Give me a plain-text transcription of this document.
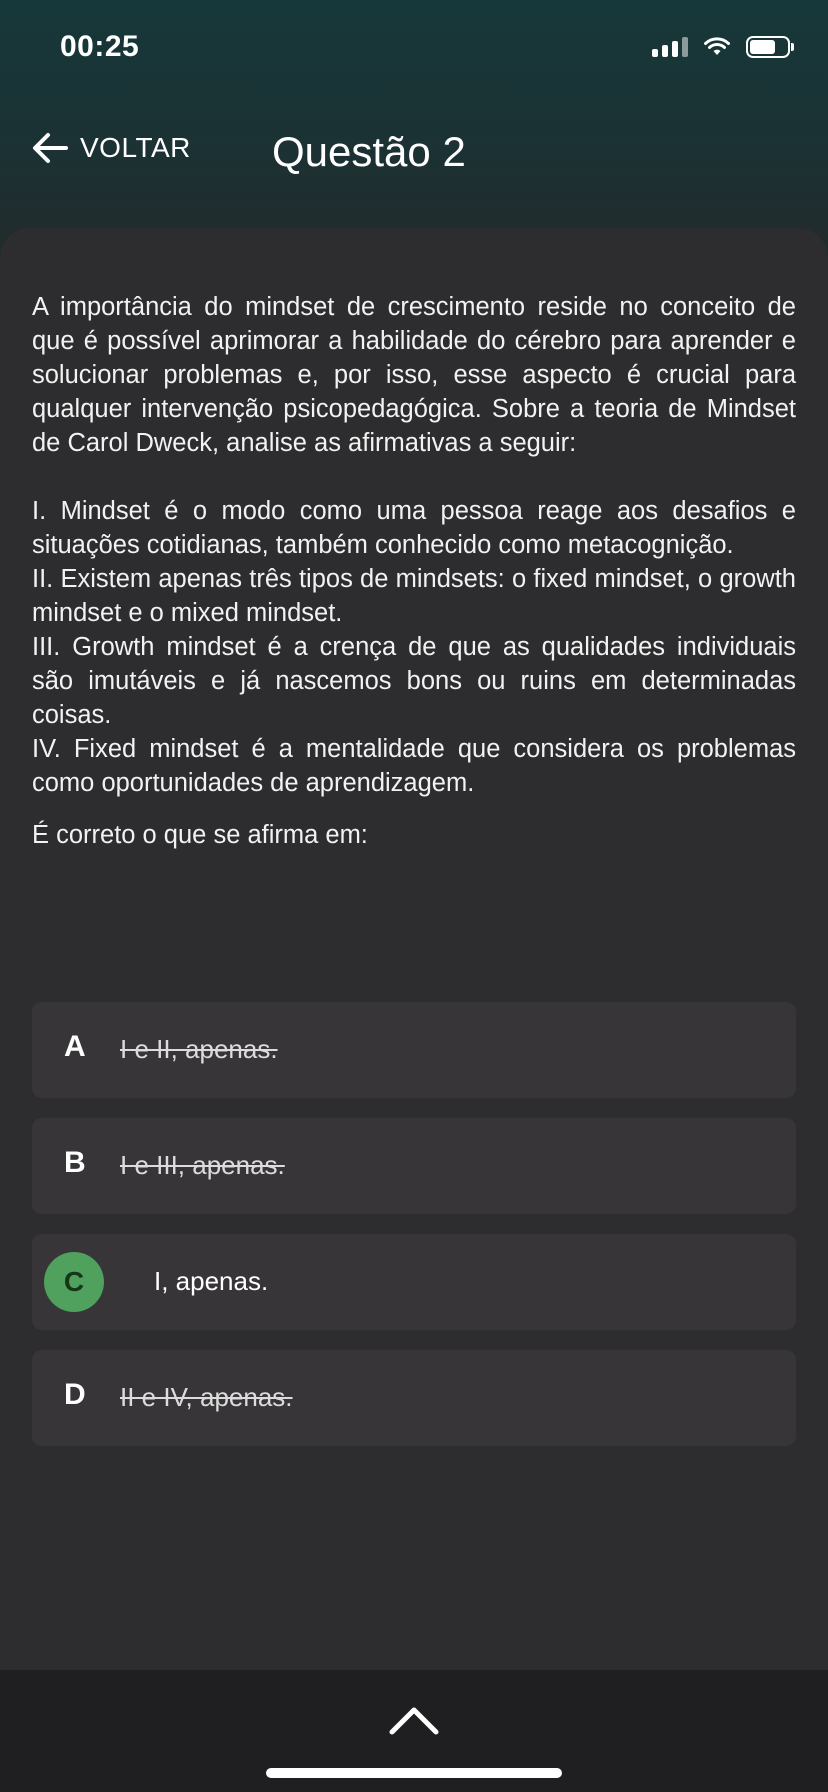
00:25
VOLTAR Questão 2

A importância do mindset de crescimento reside no conceito de que é possível aprimorar a habilidade do cérebro para aprender e solucionar problemas e, por isso, esse aspecto é crucial para qualquer intervenção psicopedagógica. Sobre a teoria de Mindset de Carol Dweck, analise as afirmativas a seguir:

I. Mindset é o modo como uma pessoa reage aos desafios e situações cotidianas, também conhecido como metacognição.

II. Existem apenas três tipos de mindsets: o fixed mindset, o growth mindset e o mixed mindset.

III. Growth mindset é a crença de que as qualidades individuais são imutáveis e já nascemos bons ou ruins em determinadas coisas.

IV. Fixed mindset é a mentalidade que considera os problemas como oportunidades de aprendizagem.

É correto o que se afirma em:

A I e II, apenas.
B I e III, apenas.
C	I, apenas.
D II e IV, apenas.
